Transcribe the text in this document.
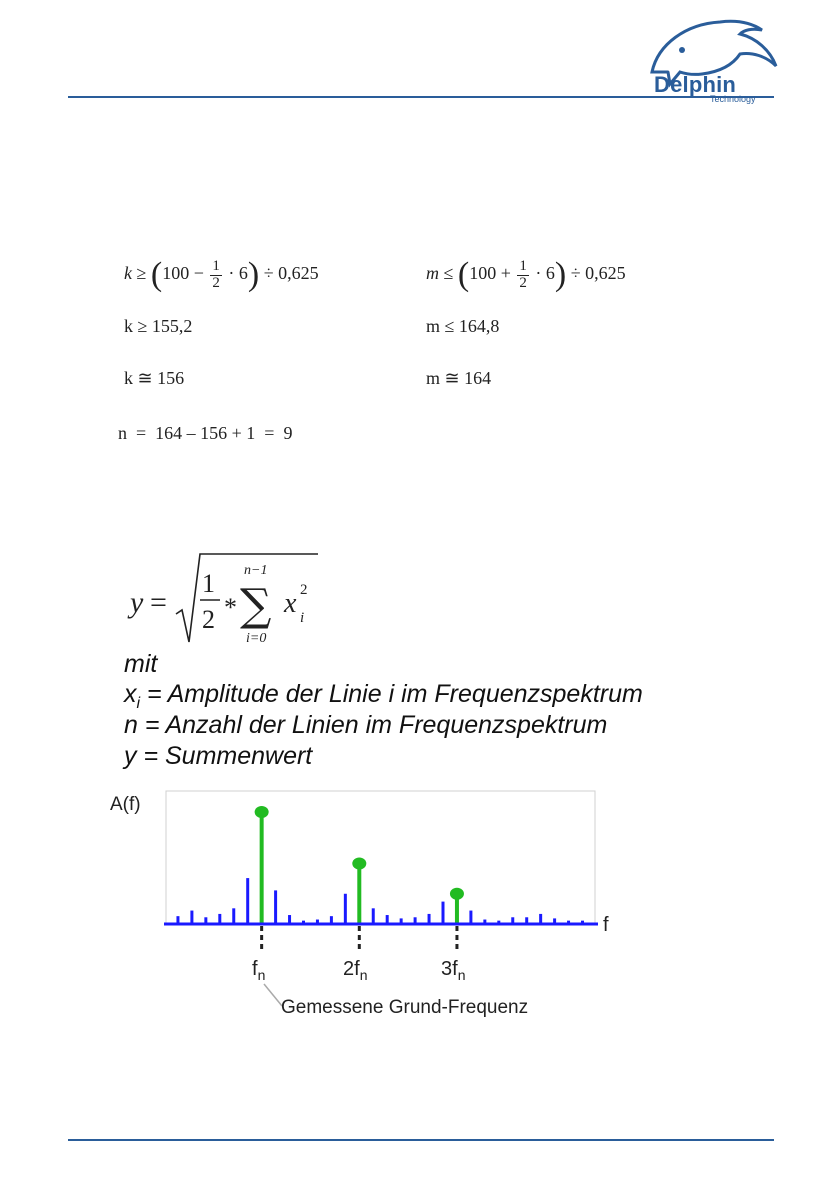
Delphin
Technology
$k \ge (100 - \frac{1}{2} \cdot 6) \div 0,625$	$m \le (100 + \frac{1}{2} \cdot 6) \div 0,625$
k ≥ 155,2	m ≤ 164,8
k ≅ 156	m ≅ 164
n  =  164 – 156 + 1  =  9
y =
1
2 *
n−1
∑
i=0
x i
2
mit
$x_i$ = Amplitude der Linie i im Frequenzspektrum
n = Anzahl der Linien im Frequenzspektrum
y = Summenwert
A(f)
f
$f_n$	$2f_n$	$3f_n$
Gemessene Grund-Frequenz
